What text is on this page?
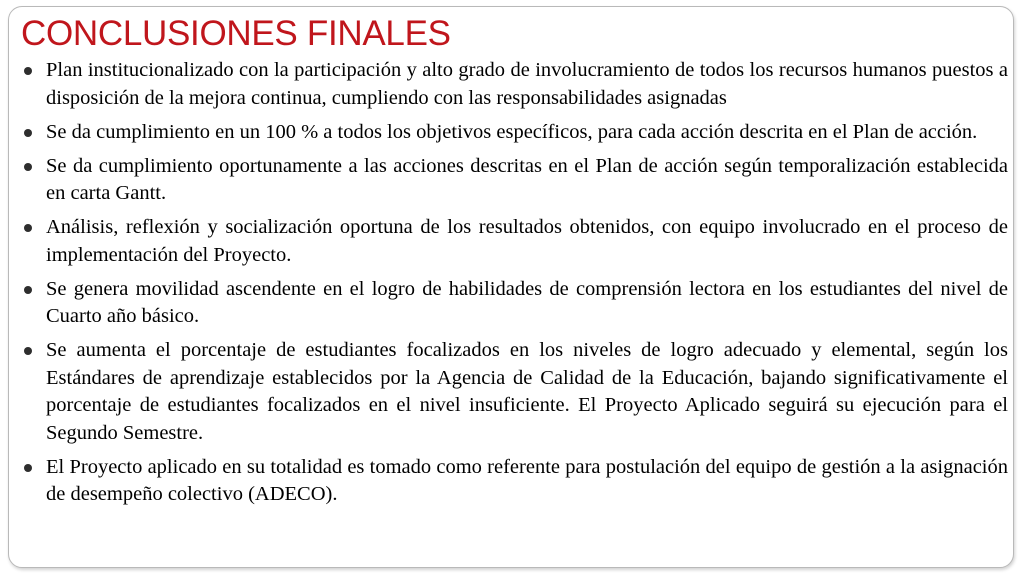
CONCLUSIONES FINALES
Plan institucionalizado con la participación y alto grado de involucramiento de todos los recursos humanos puestos a disposición de la mejora continua, cumpliendo con las responsabilidades asignadas
Se da cumplimiento en un 100 % a todos los objetivos específicos, para cada acción descrita en el Plan de acción.
Se da cumplimiento oportunamente a las acciones descritas en el Plan de acción según temporalización establecida en carta Gantt.
Análisis, reflexión y socialización oportuna de los resultados obtenidos, con equipo involucrado en el proceso de implementación del Proyecto.
Se genera movilidad ascendente en el logro de habilidades de comprensión lectora en los estudiantes del nivel de Cuarto año básico.
Se aumenta el porcentaje de estudiantes focalizados en los niveles de logro adecuado y elemental, según los Estándares de aprendizaje establecidos por la Agencia de Calidad de la Educación, bajando significativamente el porcentaje de estudiantes focalizados en el nivel insuficiente. El Proyecto Aplicado seguirá su ejecución para el Segundo Semestre.
El Proyecto aplicado en su totalidad es tomado como referente para postulación del equipo de gestión a la asignación de desempeño colectivo (ADECO).
